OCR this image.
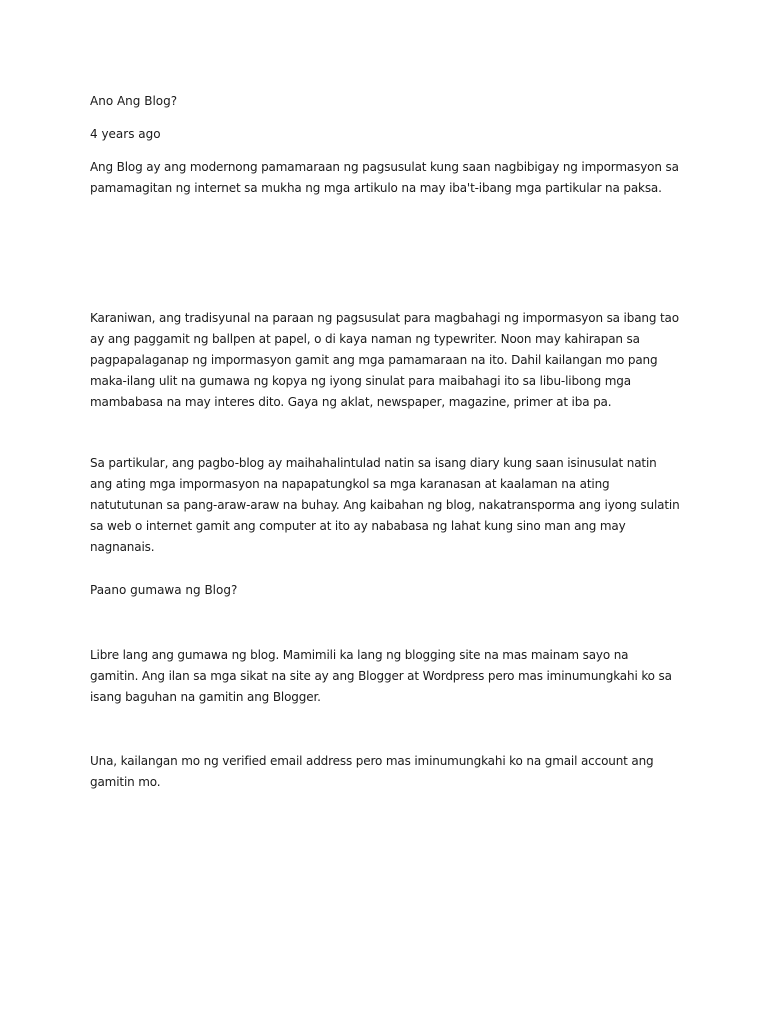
Ano Ang Blog?

4 years ago

Ang Blog ay ang modernong pamamaraan ng pagsusulat kung saan nagbibigay ng impormasyon sa pamamagitan ng internet sa mukha ng mga artikulo na may iba't-ibang mga partikular na paksa.

Karaniwan, ang tradisyunal na paraan ng pagsusulat para magbahagi ng impormasyon sa ibang tao ay ang paggamit ng ballpen at papel, o di kaya naman ng typewriter. Noon may kahirapan sa pagpapalaganap ng impormasyon gamit ang mga pamamaraan na ito. Dahil kailangan mo pang maka-ilang ulit na gumawa ng kopya ng iyong sinulat para maibahagi ito sa libu-libong mga mambabasa na may interes dito. Gaya ng aklat, newspaper, magazine, primer at iba pa.

Sa partikular, ang pagbo-blog ay maihahalintulad natin sa isang diary kung saan isinusulat natin ang ating mga impormasyon na napapatungkol sa mga karanasan at kaalaman na ating natututunan sa pang-araw-araw na buhay. Ang kaibahan ng blog, nakatransporma ang iyong sulatin sa web o internet gamit ang computer at ito ay nababasa ng lahat kung sino man ang may nagnanais.

Paano gumawa ng Blog?

Libre lang ang gumawa ng blog. Mamimili ka lang ng blogging site na mas mainam sayo na gamitin. Ang ilan sa mga sikat na site ay ang Blogger at Wordpress pero mas iminumungkahi ko sa isang baguhan na gamitin ang Blogger.

Una, kailangan mo ng verified email address pero mas iminumungkahi ko na gmail account ang gamitin mo.
